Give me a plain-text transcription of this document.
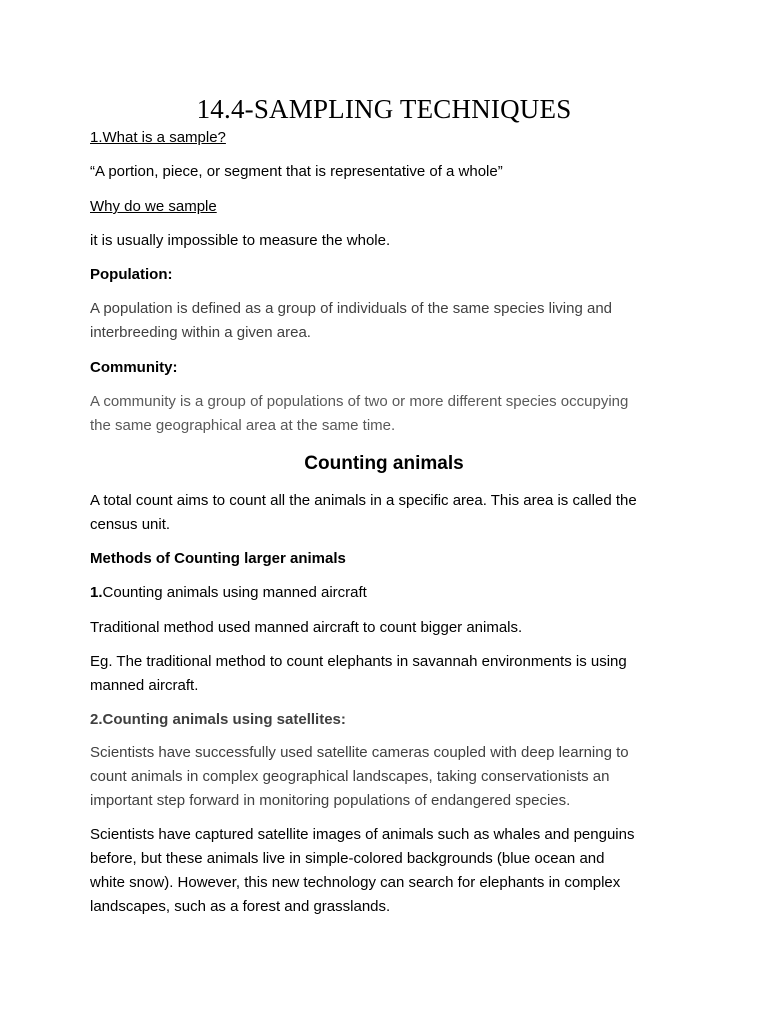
14.4-SAMPLING TECHNIQUES

1.What is a sample?

“A portion, piece, or segment that is representative of a whole”

Why do we sample

it is usually impossible to measure the whole.

Population:

A population is defined as a group of individuals of the same species living and
interbreeding within a given area.

Community:

A community is a group of populations of two or more different species occupying
the same geographical area at the same time.

Counting animals

A total count aims to count all the animals in a specific area. This area is called the
census unit.

Methods of Counting larger animals

1.Counting animals using manned aircraft

Traditional method used manned aircraft to count bigger animals.

Eg. The traditional method to count elephants in savannah environments is using
manned aircraft.

2.Counting animals using satellites:

Scientists have successfully used satellite cameras coupled with deep learning to
count animals in complex geographical landscapes, taking conservationists an
important step forward in monitoring populations of endangered species.

Scientists have captured satellite images of animals such as whales and penguins
before, but these animals live in simple-colored backgrounds (blue ocean and
white snow). However, this new technology can search for elephants in complex
landscapes, such as a forest and grasslands.
